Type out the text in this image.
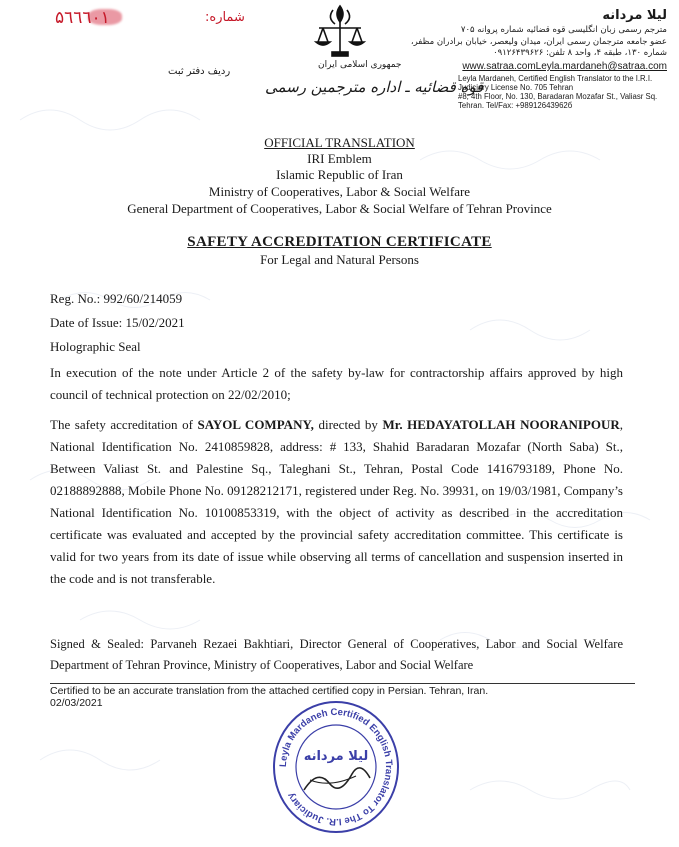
۵٦٦٦٠١	شماره:
جمهوری اسلامی ایران
قوه قضائیه ـ اداره مترجمین رسمی
ردیف دفتر ثبت
لیلا مردانه
مترجم رسمی زبان انگلیسی قوه قضائیه شماره پروانه ۷۰۵
عضو جامعه مترجمان رسمی ایران، میدان ولیعصر، خیابان برادران مظفر،
شماره ۱۳۰، طبقه ۴، واحد ۸ تلفن: ۰۹۱۲۶۴۳۹۶۲۶
www.satraa.comLeyla.mardaneh@satraa.com
Leyla Mardaneh, Certified English Translator to the I.R.I.
Judiciary License No. 705 Tehran
#8, 4th Floor, No. 130, Baradaran Mozafar St., Valiasr Sq.
Tehran. Tel/Fax: +98912643962б
OFFICIAL TRANSLATION
IRI Emblem
Islamic Republic of Iran
Ministry of Cooperatives, Labor & Social Welfare
General Department of Cooperatives, Labor & Social Welfare of Tehran Province
SAFETY ACCREDITATION CERTIFICATE
For Legal and Natural Persons
Reg. No.: 992/60/214059
Date of Issue: 15/02/2021
Holographic Seal
In execution of the note under Article 2 of the safety by-law for contractorship affairs approved by high council of technical protection on 22/02/2010;
The safety accreditation of SAYOL COMPANY, directed by Mr. HEDAYATOLLAH NOORANIPOUR, National Identification No. 2410859828, address: # 133, Shahid Baradaran Mozafar (North Saba) St., Between Valiast St. and Palestine Sq., Taleghani St., Tehran, Postal Code 1416793189, Phone No. 02188892888, Mobile Phone No. 09128212171, registered under Reg. No. 39931, on 19/03/1981, Company’s National Identification No. 10100853319, with the object of activity as described in the accreditation certificate was evaluated and accepted by the provincial safety accreditation committee. This certificate is valid for two years from its date of issue while observing all terms of cancellation and suspension inserted in the code and is not transferable.
Signed & Sealed: Parvaneh Rezaei Bakhtiari, Director General of Cooperatives, Labor and Social Welfare Department of Tehran Province, Ministry of Cooperatives, Labor and Social Welfare
Certified to be an accurate translation from the attached certified copy in Persian. Tehran, Iran.
02/03/2021
Leyla Mardaneh Certified English Translator To The I.R. Judiciary
لیلا مردانه
